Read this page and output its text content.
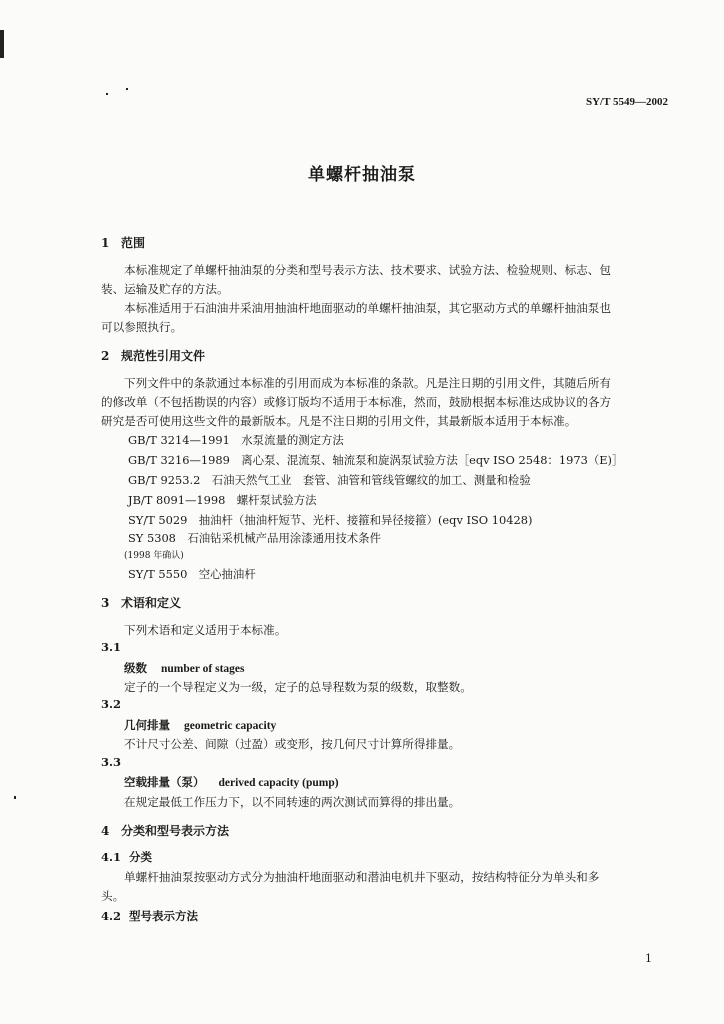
SY/T 5549—2002
单螺杆抽油泵
1 范围
本标准规定了单螺杆抽油泵的分类和型号表示方法、技术要求、试验方法、检验规则、标志、包
装、运输及贮存的方法。
本标准适用于石油油井采油用抽油杆地面驱动的单螺杆抽油泵，其它驱动方式的单螺杆抽油泵也
可以参照执行。
2 规范性引用文件
下列文件中的条款通过本标准的引用而成为本标准的条款。凡是注日期的引用文件，其随后所有
的修改单（不包括勘误的内容）或修订版均不适用于本标准，然而，鼓励根据本标准达成协议的各方
研究是否可使用这些文件的最新版本。凡是不注日期的引用文件，其最新版本适用于本标准。
GB/T 3214—1991　水泵流量的测定方法
GB/T 3216—1989　离心泵、混流泵、轴流泵和旋涡泵试验方法［eqv ISO 2548：1973（E)］
GB/T 9253.2　石油天然气工业　套管、油管和管线管螺纹的加工、测量和检验
JB/T 8091—1998　螺杆泵试验方法
SY/T 5029　抽油杆（抽油杆短节、光杆、接箍和异径接箍）(eqv ISO 10428)
SY 5308　石油钻采机械产品用涂漆通用技术条件
(1998 年确认)
SY/T 5550　空心抽油杆
3 术语和定义
下列术语和定义适用于本标准。
3.1
级数 number of stages
定子的一个导程定义为一级，定子的总导程数为泵的级数，取整数。
3.2
几何排量 geometric capacity
不计尺寸公差、间隙（过盈）或变形，按几何尺寸计算所得排量。
3.3
空载排量（泵） derived capacity (pump)
在规定最低工作压力下，以不同转速的两次测试而算得的排出量。
4 分类和型号表示方法
4.1 分类
单螺杆抽油泵按驱动方式分为抽油杆地面驱动和潜油电机井下驱动，按结构特征分为单头和多
头。
4.2 型号表示方法
1
